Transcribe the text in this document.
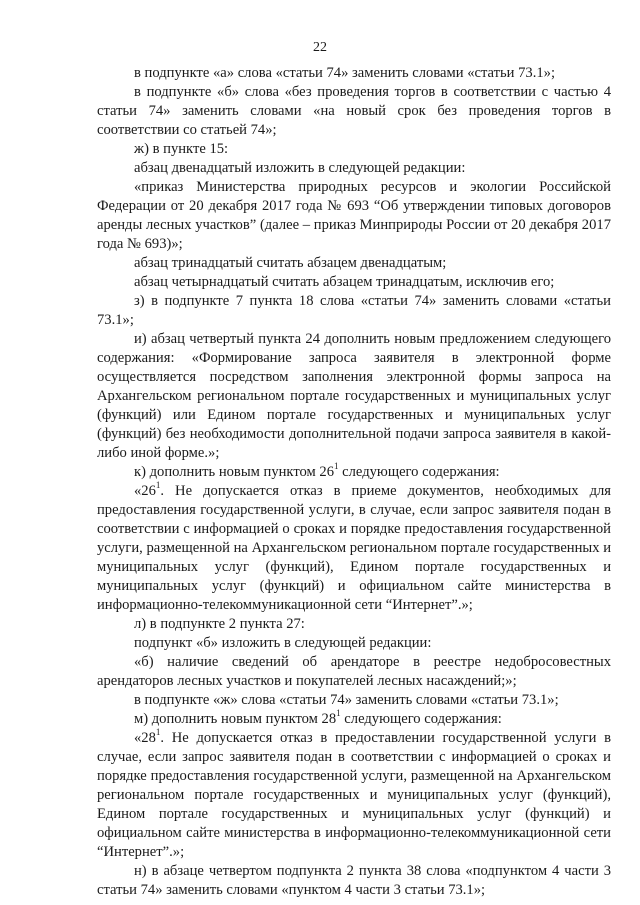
22

в подпункте «а» слова «статьи 74» заменить словами «статьи 73.1»;

в подпункте «б» слова «без проведения торгов в соответствии с частью 4 статьи 74» заменить словами «на новый срок без проведения торгов в соответствии со статьей 74»;

ж) в пункте 15:

абзац двенадцатый изложить в следующей редакции:

«приказ Министерства природных ресурсов и экологии Российской Федерации от 20 декабря 2017 года № 693 “Об утверждении типовых договоров аренды лесных участков” (далее – приказ Минприроды России от 20 декабря 2017 года № 693)»;

абзац тринадцатый считать абзацем двенадцатым;

абзац четырнадцатый считать абзацем тринадцатым, исключив его;

з) в подпункте 7 пункта 18 слова «статьи 74» заменить словами «статьи 73.1»;

и) абзац четвертый пункта 24 дополнить новым предложением следующего содержания: «Формирование запроса заявителя в электронной форме осуществляется посредством заполнения электронной формы запроса на Архангельском региональном портале государственных и муниципальных услуг (функций) или Едином портале государственных и муниципальных услуг (функций) без необходимости дополнительной подачи запроса заявителя в какой-либо иной форме.»;

к) дополнить новым пунктом $26^1$ следующего содержания:

«$26^1$. Не допускается отказ в приеме документов, необходимых для предоставления государственной услуги, в случае, если запрос заявителя подан в соответствии с информацией о сроках и порядке предоставления государственной услуги, размещенной на Архангельском региональном портале государственных и муниципальных услуг (функций), Едином портале государственных и муниципальных услуг (функций) и официальном сайте министерства в информационно-телекоммуникационной сети “Интернет”.»;

л) в подпункте 2 пункта 27:

подпункт «б» изложить в следующей редакции:

«б) наличие сведений об арендаторе в реестре недобросовестных арендаторов лесных участков и покупателей лесных насаждений;»;

в подпункте «ж» слова «статьи 74» заменить словами «статьи 73.1»;

м) дополнить новым пунктом $28^1$ следующего содержания:

«$28^1$. Не допускается отказ в предоставлении государственной услуги в случае, если запрос заявителя подан в соответствии с информацией о сроках и порядке предоставления государственной услуги, размещенной на Архангельском региональном портале государственных и муниципальных услуг (функций), Едином портале государственных и муниципальных услуг (функций) и официальном сайте министерства в информационно-телекоммуникационной сети “Интернет”.»;

н) в абзаце четвертом подпункта 2 пункта 38 слова «подпунктом 4 части 3 статьи 74» заменить словами «пунктом 4 части 3 статьи 73.1»;
